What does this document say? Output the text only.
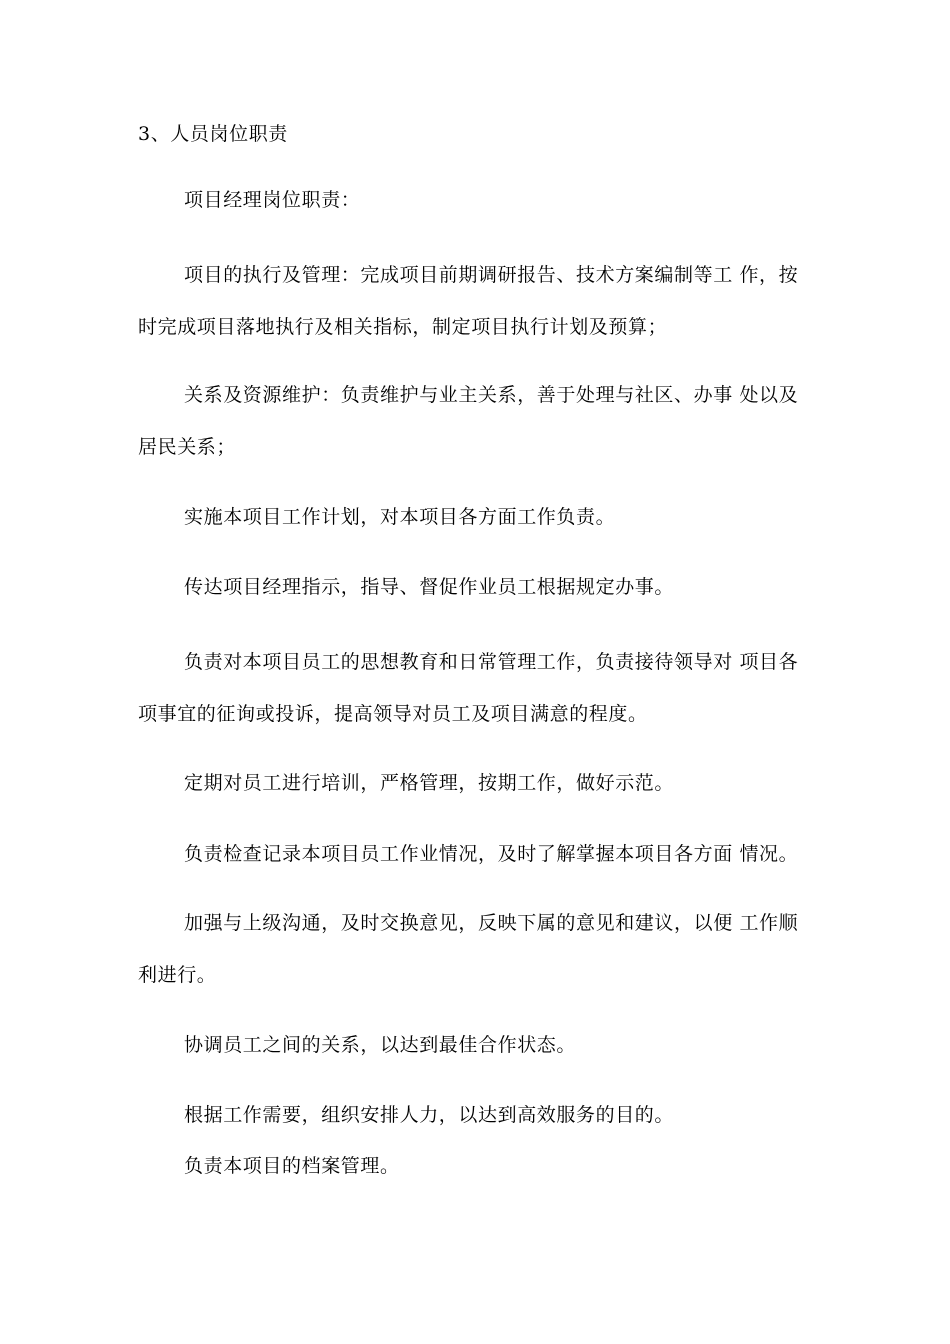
3、人员岗位职责
项目经理岗位职责：
项目的执行及管理：完成项目前期调研报告、技术方案编制等工 作，按
时完成项目落地执行及相关指标，制定项目执行计划及预算；
关系及资源维护：负责维护与业主关系，善于处理与社区、办事 处以及
居民关系；
实施本项目工作计划，对本项目各方面工作负责。
传达项目经理指示，指导、督促作业员工根据规定办事。
负责对本项目员工的思想教育和日常管理工作，负责接待领导对 项目各
项事宜的征询或投诉，提高领导对员工及项目满意的程度。
定期对员工进行培训，严格管理，按期工作，做好示范。
负责检查记录本项目员工作业情况，及时了解掌握本项目各方面 情况。
加强与上级沟通，及时交换意见，反映下属的意见和建议，以便 工作顺
利进行。
协调员工之间的关系，以达到最佳合作状态。
根据工作需要，组织安排人力，以达到高效服务的目的。
负责本项目的档案管理。
